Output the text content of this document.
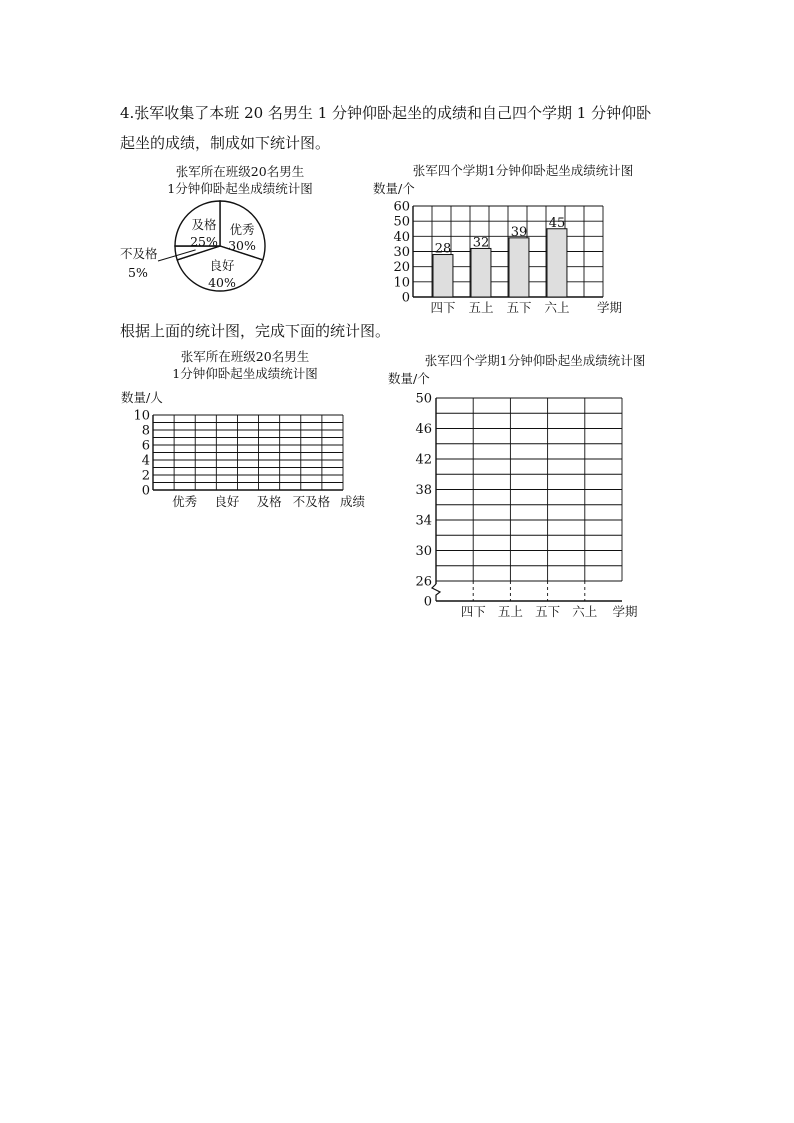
4.张军收集了本班 20 名男生 1 分钟仰卧起坐的成绩和自己四个学期 1 分钟仰卧
起坐的成绩，制成如下统计图。
张军所在班级20名男生
1分钟仰卧起坐成绩统计图
优秀
30%
良好
40%
不及格
5%
及格
25%
张军四个学期1分钟仰卧起坐成绩统计图
数量/个
0
10
20
30
40
50
60
28
四下
32
五上
39
五下
45
六上 学期
根据上面的统计图，完成下面的统计图。
张军所在班级20名男生
1分钟仰卧起坐成绩统计图
数量/人
0
2
4
6
8
10
优秀 良好 及格 不及格 成绩
张军四个学期1分钟仰卧起坐成绩统计图
数量/个
0
26
30
34
38
42
46
50
四下 五上 五下 六上 学期
